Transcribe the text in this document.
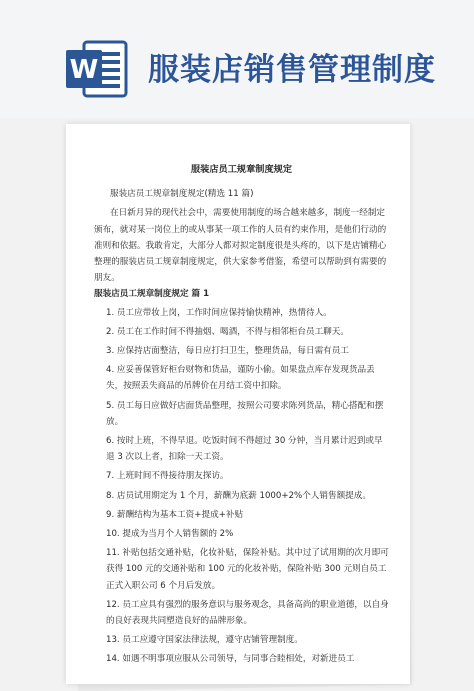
W 服装店销售管理制度
服装店员工规章制度规定

服装店员工规章制度规定(精选 11 篇)

在日新月异的现代社会中，需要使用制度的场合越来越多，制度一经制定颁布，就对某一岗位上的或从事某一项工作的人员有约束作用，是他们行动的准则和依据。我敢肯定，大部分人都对拟定制度很是头疼的，以下是店铺精心整理的服装店员工规章制度规定，供大家参考借鉴，希望可以帮助到有需要的朋友。

服装店员工规章制度规定 篇 1

1. 员工应带妆上岗，工作时间应保持愉快精神，热情待人。

2. 员工在工作时间不得抽烟、喝酒，不得与相邻柜台员工聊天。

3. 应保持店面整洁，每日应打扫卫生，整理货品，每日需有员工

4. 应妥善保管好柜台财物和货品，谨防小偷。如果盘点库存发现货品丢失，按照丢失商品的吊牌价在月结工资中扣除。

5. 员工每日应做好店面货品整理，按照公司要求陈列货品，精心搭配和摆放。

6. 按时上班，不得早退。吃饭时间不得超过 30 分钟，当月累计迟到或早退 3 次以上者，扣除一天工资。

7. 上班时间不得接待朋友探访。

8. 店员试用期定为 1 个月，薪酬为底薪 1000+2%个人销售额提成。

9. 薪酬结构为基本工资+提成+补贴

10. 提成为当月个人销售额的 2%

11. 补贴包括交通补贴，化妆补贴，保险补贴。其中过了试用期的次月即可获得 100 元的交通补贴和 100 元的化妆补贴，保险补贴 300 元则自员工正式入职公司 6 个月后发放。

12. 员工应具有强烈的服务意识与服务观念，具备高尚的职业道德，以自身的良好表现共同塑造良好的品牌形象。

13. 员工应遵守国家法律法规，遵守店铺管理制度。

14. 如遇不明事项应服从公司领导，与同事合睦相处，对新进员工
